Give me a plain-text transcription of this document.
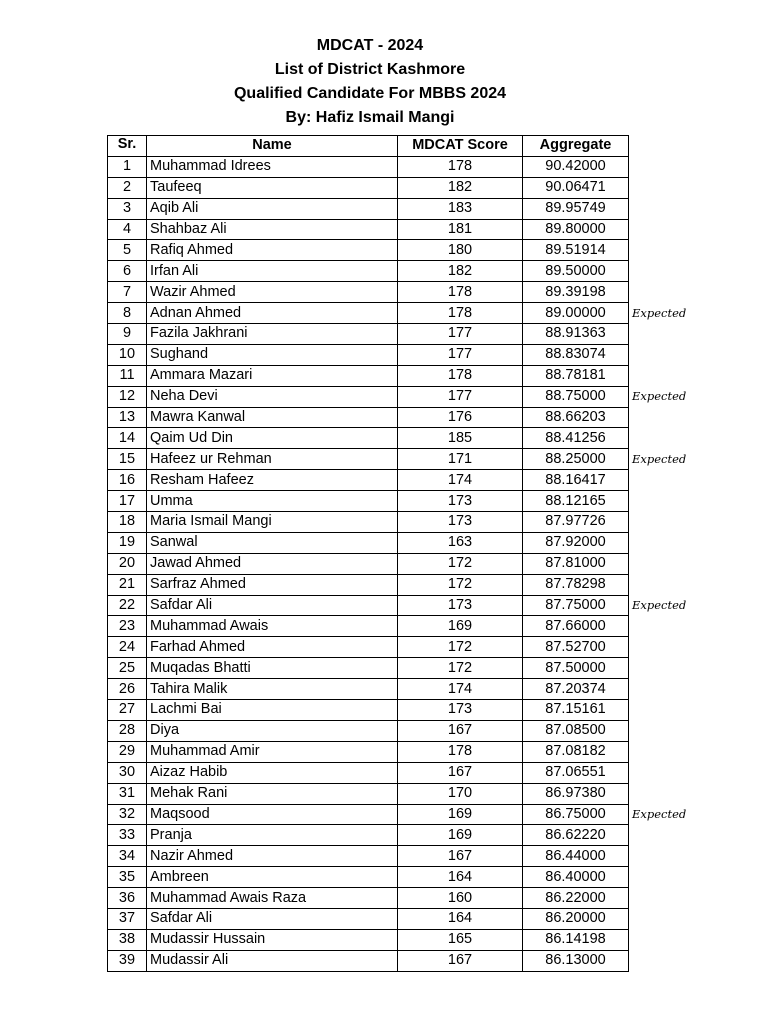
MDCAT - 2024
List of District Kashmore
Qualified Candidate For MBBS 2024
By: Hafiz Ismail Mangi
Sr.	Name	MDCAT Score	Aggregate	
1	Muhammad Idrees	178	90.42000	
2	Taufeeq	182	90.06471	
3	Aqib Ali	183	89.95749	
4	Shahbaz Ali	181	89.80000	
5	Rafiq Ahmed	180	89.51914	
6	Irfan Ali	182	89.50000	
7	Wazir Ahmed	178	89.39198	
8	Adnan Ahmed	178	89.00000	Expected
9	Fazila Jakhrani	177	88.91363	
10	Sughand	177	88.83074	
11	Ammara Mazari	178	88.78181	
12	Neha Devi	177	88.75000	Expected
13	Mawra Kanwal	176	88.66203	
14	Qaim Ud Din	185	88.41256	
15	Hafeez ur Rehman	171	88.25000	Expected
16	Resham Hafeez	174	88.16417	
17	Umma	173	88.12165	
18	Maria Ismail Mangi	173	87.97726	
19	Sanwal	163	87.92000	
20	Jawad Ahmed	172	87.81000	
21	Sarfraz Ahmed	172	87.78298	
22	Safdar Ali	173	87.75000	Expected
23	Muhammad Awais	169	87.66000	
24	Farhad Ahmed	172	87.52700	
25	Muqadas Bhatti	172	87.50000	
26	Tahira Malik	174	87.20374	
27	Lachmi Bai	173	87.15161	
28	Diya	167	87.08500	
29	Muhammad Amir	178	87.08182	
30	Aizaz Habib	167	87.06551	
31	Mehak Rani	170	86.97380	
32	Maqsood	169	86.75000	Expected
33	Pranja	169	86.62220	
34	Nazir Ahmed	167	86.44000	
35	Ambreen	164	86.40000	
36	Muhammad Awais Raza	160	86.22000	
37	Safdar Ali	164	86.20000	
38	Mudassir Hussain	165	86.14198	
39	Mudassir Ali	167	86.13000	
